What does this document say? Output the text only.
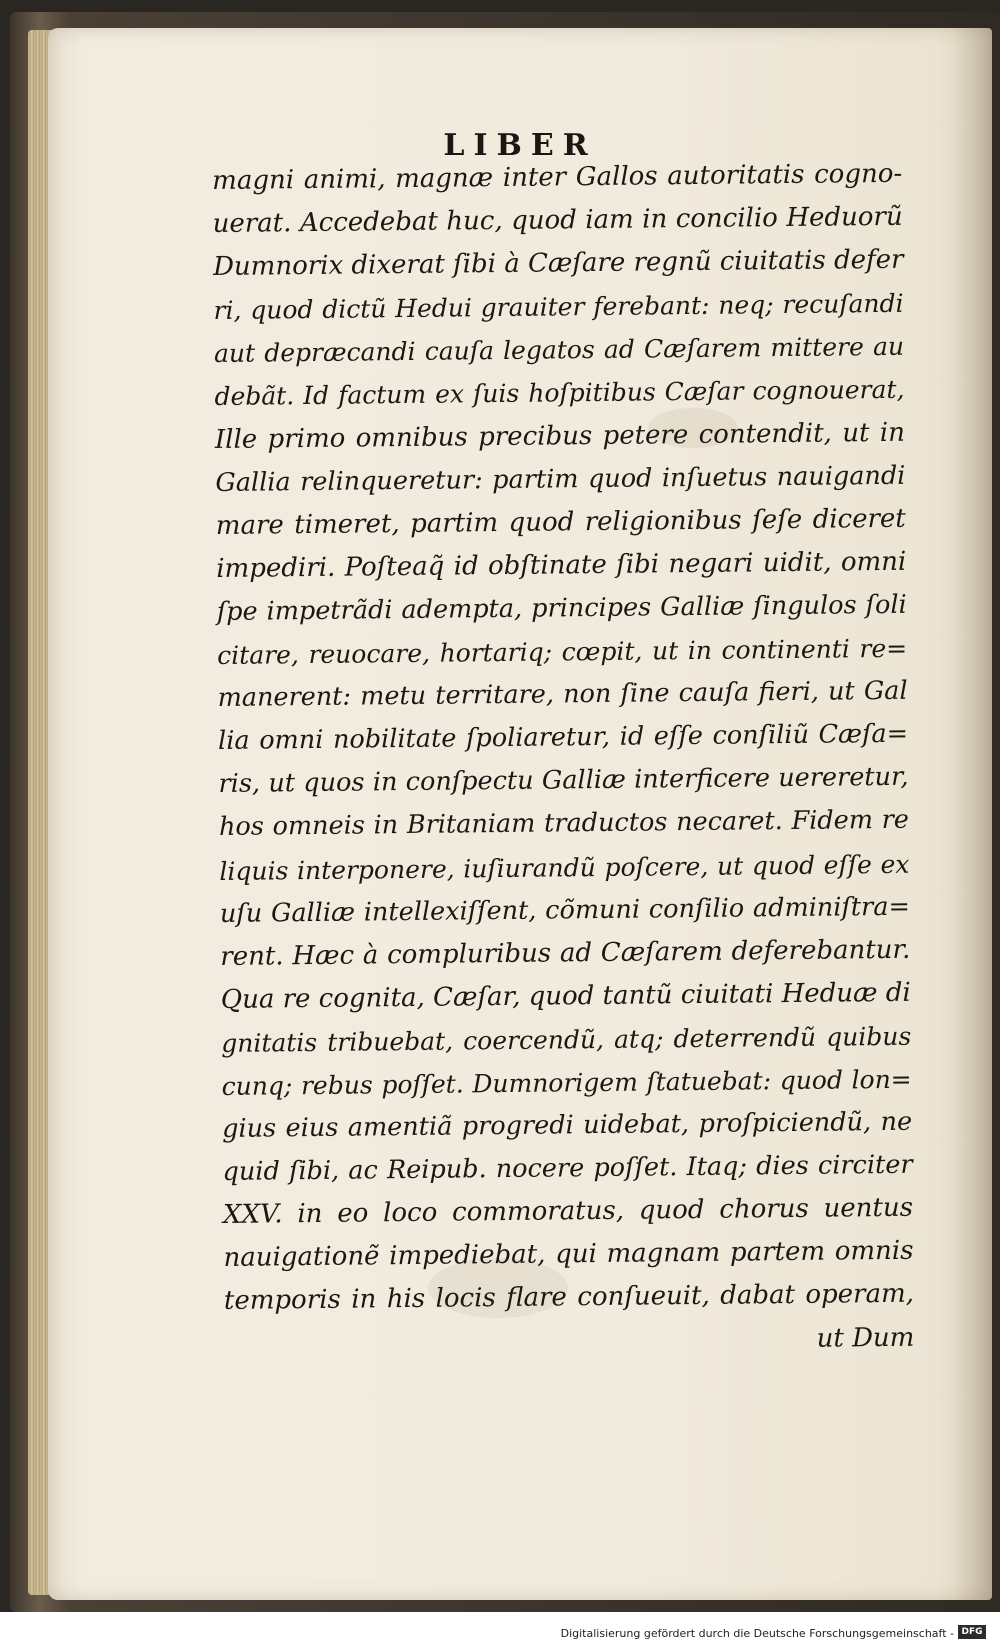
LIBER
magni animi, magnæ inter Gallos autoritatis cogno-
uerat. Accedebat huc, quod iam in concilio Heduorũ
Dumnorix dixerat ſibi à Cæſare regnũ ciuitatis defer
ri, quod dictũ Hedui grauiter ferebant: neq; recuſandi
aut depræcandi cauſa legatos ad Cæſarem mittere au
debãt. Id factum ex ſuis hoſpitibus Cæſar cognouerat,
Ille primo omnibus precibus petere contendit, ut in
Gallia relinqueretur: partim quod inſuetus nauigandi
mare timeret, partim quod religionibus ſeſe diceret
impediri. Poſteaq̃ id obſtinate ſibi negari uidit, omni
ſpe impetrãdi adempta, principes Galliæ ſingulos ſoli
citare, reuocare, hortariq; cœpit, ut in continenti re=
manerent: metu territare, non ſine cauſa fieri, ut Gal
lia omni nobilitate ſpoliaretur, id eſſe conſiliũ Cæſa=
ris, ut quos in conſpectu Galliæ interficere uereretur,
hos omneis in Britaniam traductos necaret. Fidem re
liquis interponere, iuſiurandũ poſcere, ut quod eſſe ex
uſu Galliæ intellexiſſent, cõmuni conſilio adminiſtra=
rent. Hæc à compluribus ad Cæſarem deferebantur.
Qua re cognita, Cæſar, quod tantũ ciuitati Heduæ di
gnitatis tribuebat, coercendũ, atq; deterrendũ quibus
cunq; rebus poſſet. Dumnorigem ſtatuebat: quod lon=
gius eius amentiã progredi uidebat, proſpiciendũ, ne
quid ſibi, ac Reipub. nocere poſſet. Itaq; dies circiter
XXV. in eo loco commoratus, quod chorus uentus
nauigationẽ impediebat, qui magnam partem omnis
temporis in his locis flare conſueuit, dabat operam,
ut Dum
Digitalisierung gefördert durch die Deutsche Forschungsgemeinschaft - DFG
